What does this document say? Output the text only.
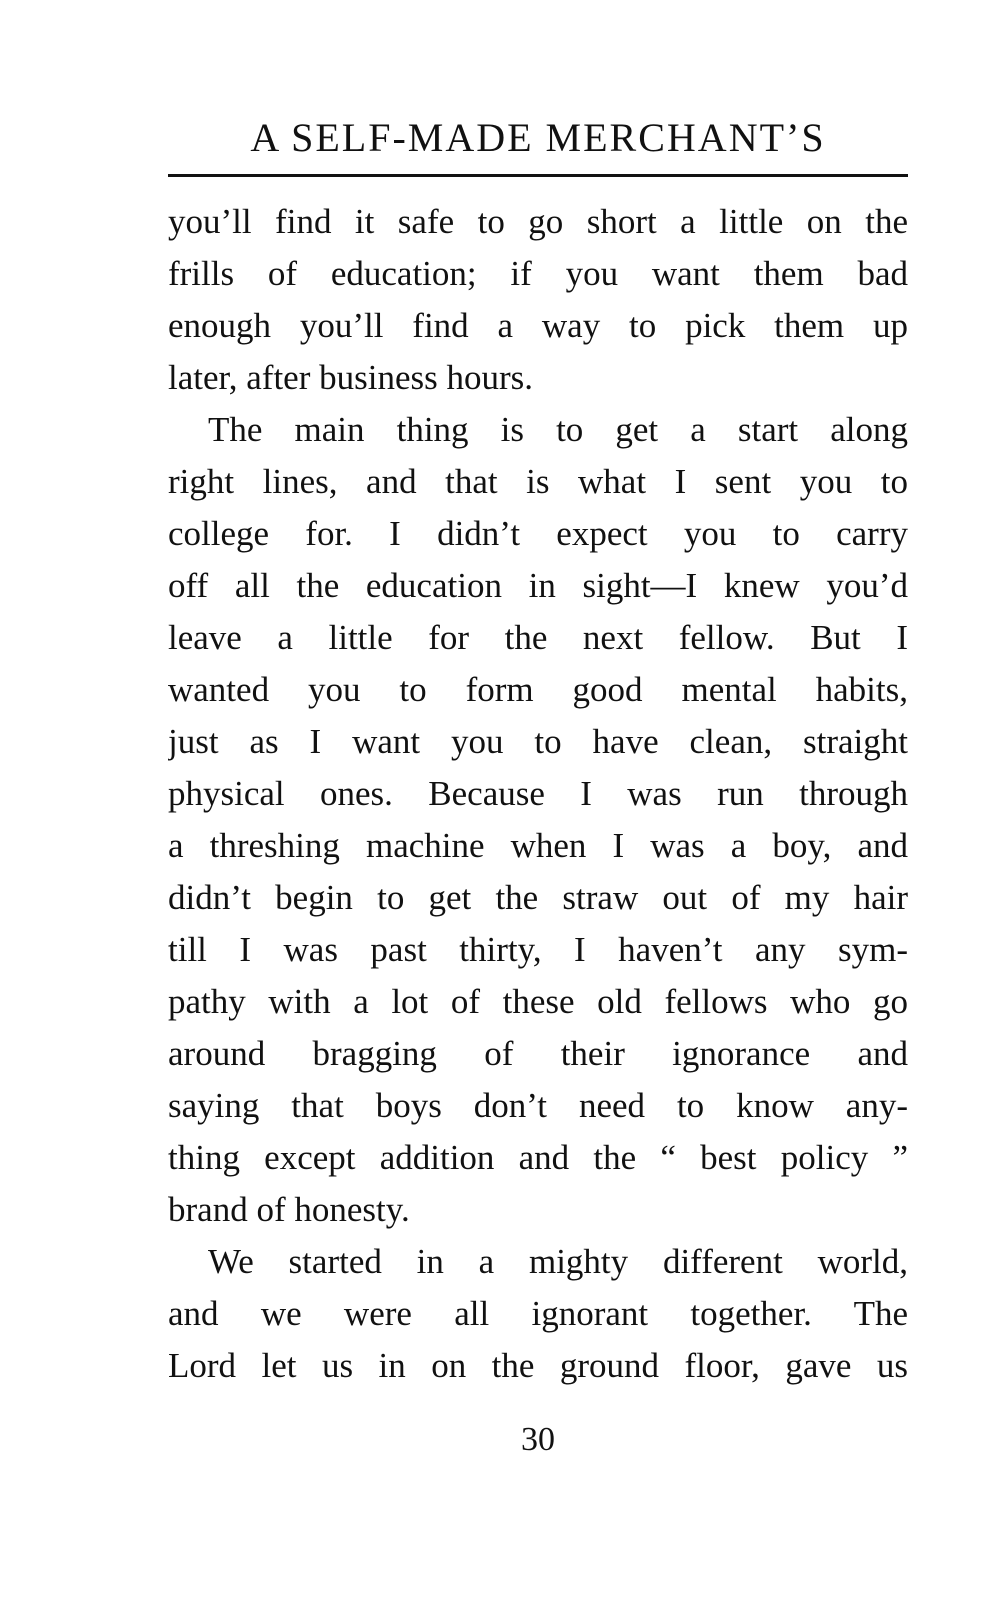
A SELF-MADE MERCHANT’S
you’ll find it safe to go short a little on the
frills of education; if you want them bad
enough you’ll find a way to pick them up
later, after business hours.
The main thing is to get a start along
right lines, and that is what I sent you to
college for. I didn’t expect you to carry
off all the education in sight—I knew you’d
leave a little for the next fellow. But I
wanted you to form good mental habits,
just as I want you to have clean, straight
physical ones. Because I was run through
a threshing machine when I was a boy, and
didn’t begin to get the straw out of my hair
till I was past thirty, I haven’t any sym-
pathy with a lot of these old fellows who go
around bragging of their ignorance and
saying that boys don’t need to know any-
thing except addition and the “ best policy ”
brand of honesty.
We started in a mighty different world,
and we were all ignorant together. The
Lord let us in on the ground floor, gave us
30
